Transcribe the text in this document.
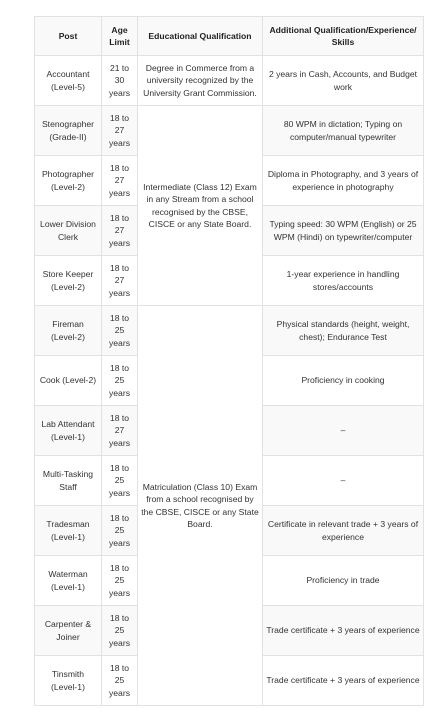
Post	Age Limit	Educational Qualification	Additional Qualification/Experience/ Skills
Accountant (Level-5)	21 to 30 years	Degree in Commerce from a university recognized by the University Grant Commission.	2 years in Cash, Accounts, and Budget work
Stenographer (Grade-II)	18 to 27 years	Intermediate (Class 12) Exam in any Stream from a school recognised by the CBSE, CISCE or any State Board.	80 WPM in dictation; Typing on computer/manual typewriter
Photographer (Level-2)	18 to 27 years		Diploma in Photography, and 3 years of experience in photography
Lower Division Clerk	18 to 27 years		Typing speed: 30 WPM (English) or 25 WPM (Hindi) on typewriter/computer
Store Keeper (Level-2)	18 to 27 years		1-year experience in handling stores/accounts
Fireman (Level-2)	18 to 25 years	Matriculation (Class 10) Exam from a school recognised by the CBSE, CISCE or any State Board.	Physical standards (height, weight, chest); Endurance Test
Cook (Level-2)	18 to 25 years		Proficiency in cooking
Lab Attendant (Level-1)	18 to 27 years		–
Multi-Tasking Staff	18 to 25 years		–
Tradesman (Level-1)	18 to 25 years		Certificate in relevant trade + 3 years of experience
Waterman (Level-1)	18 to 25 years		Proficiency in trade
Carpenter & Joiner	18 to 25 years		Trade certificate + 3 years of experience
Tinsmith (Level-1)	18 to 25 years		Trade certificate + 3 years of experience
